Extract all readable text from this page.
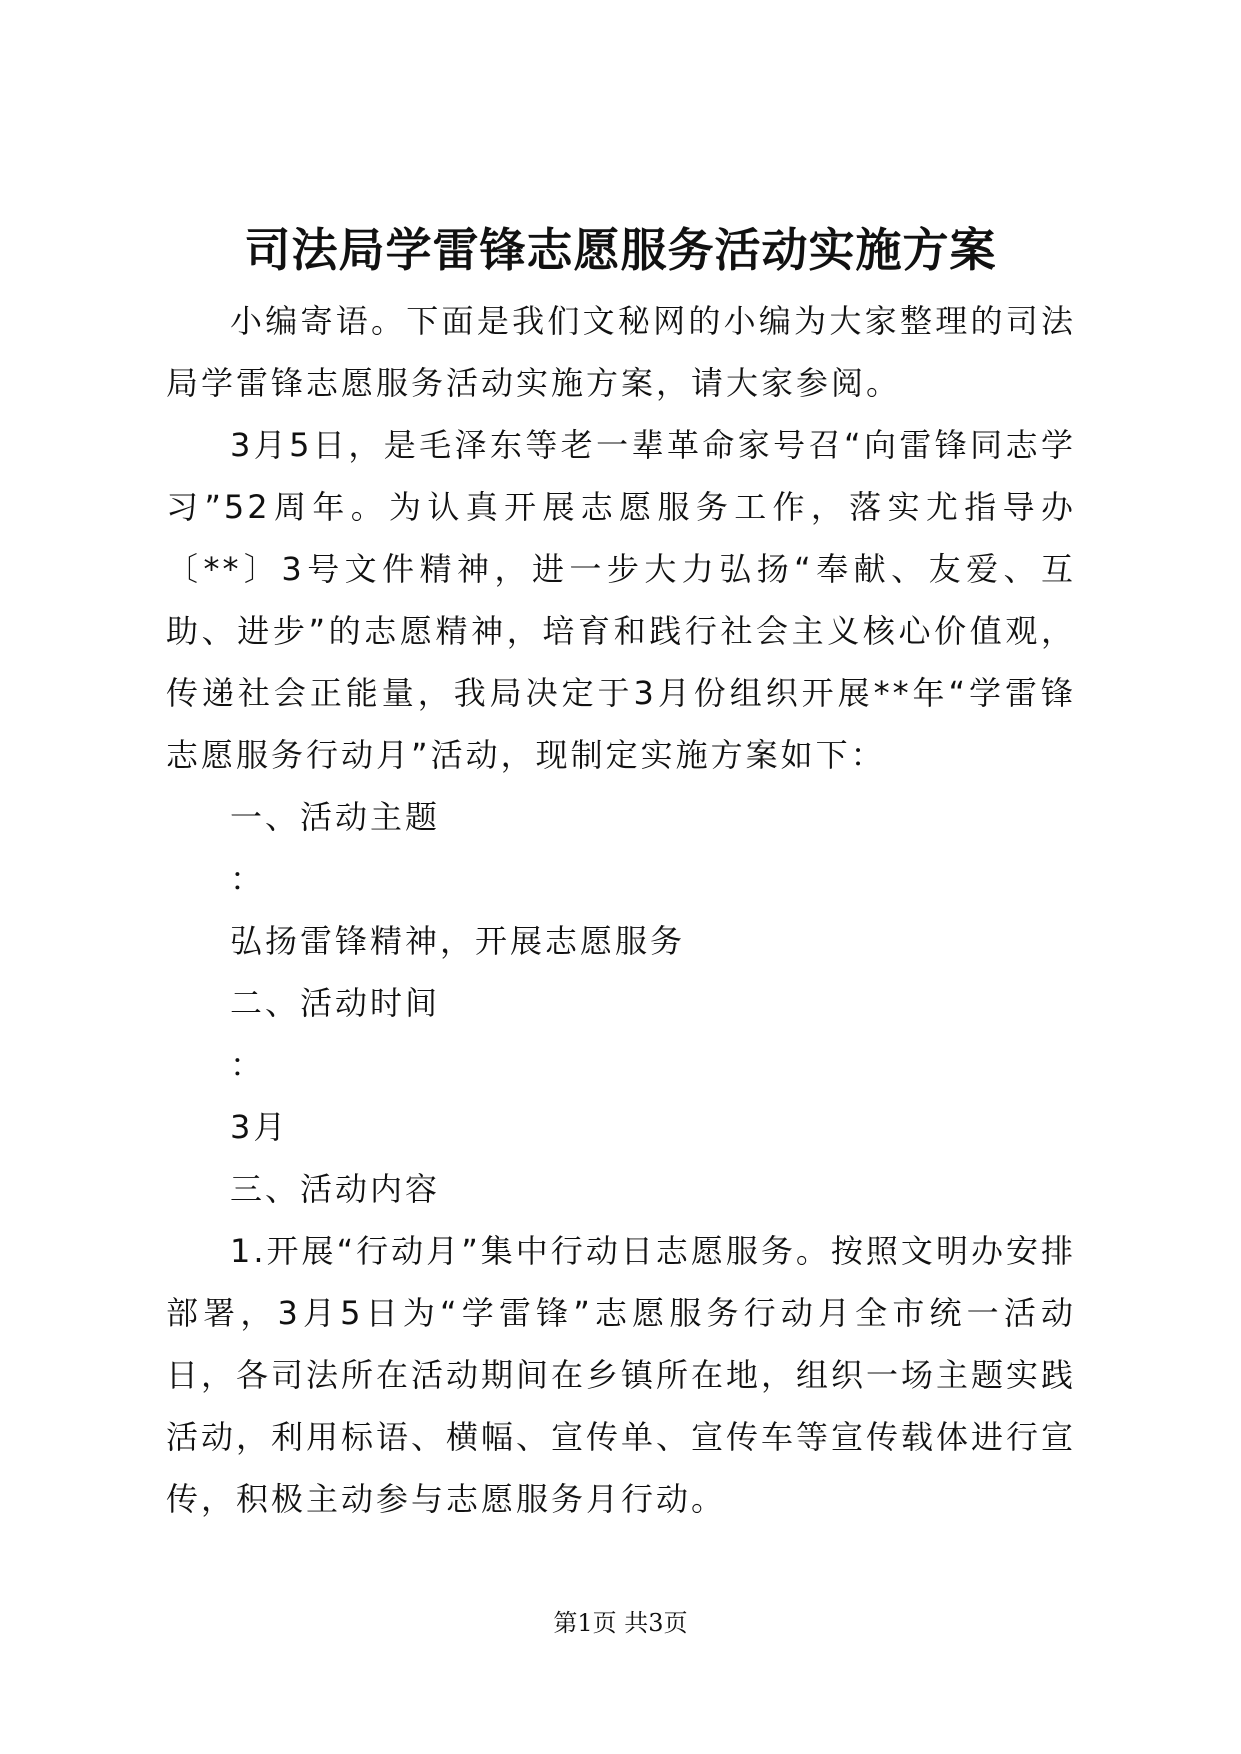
司法局学雷锋志愿服务活动实施方案

小编寄语。下面是我们文秘网的小编为大家整理的司法局学雷锋志愿服务活动实施方案，请大家参阅。

3月5日，是毛泽东等老一辈革命家号召“向雷锋同志学习”52周年。为认真开展志愿服务工作，落实尤指导办〔**〕3号文件精神，进一步大力弘扬“奉献、友爱、互助、进步”的志愿精神，培育和践行社会主义核心价值观，传递社会正能量，我局决定于3月份组织开展**年“学雷锋志愿服务行动月”活动，现制定实施方案如下：

一、活动主题

：

弘扬雷锋精神，开展志愿服务

二、活动时间

：

3月

三、活动内容

1.开展“行动月”集中行动日志愿服务。按照文明办安排部署，3月5日为“学雷锋”志愿服务行动月全市统一活动日，各司法所在活动期间在乡镇所在地，组织一场主题实践活动，利用标语、横幅、宣传单、宣传车等宣传载体进行宣传，积极主动参与志愿服务月行动。

第1页 共3页
